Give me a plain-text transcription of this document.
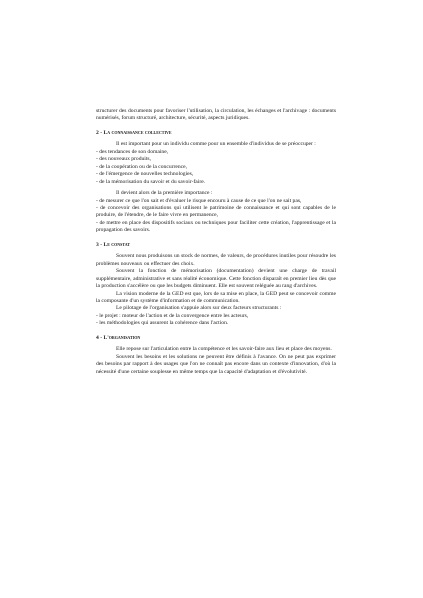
structurer des documents pour favoriser l'utilisation, la circulation, les échanges et l'archivage : documents numérisés, forum structuré, architecture, sécurité, aspects juridiques.

2 - La connaissance collective

Il est important pour un individu comme pour un ensemble d'individus de se préoccuper :

- des tendances de son domaine,
- des nouveaux produits,
- de la coopération ou de la concurrence,
- de l'émergence de nouvelles technologies,
- de la mémorisation du savoir et du savoir-faire.

Il devient alors de la première importance :

- de mesurer ce que l'on sait et d'évaluer le risque encouru à cause de ce que l'on ne sait pas,
- de concevoir des organisations qui utilisent le patrimoine de connaissance et qui sont capables de le produire, de l'étendre, de le faire vivre en permanence,
- de mettre en place des dispositifs sociaux ou techniques pour faciliter cette création, l'apprentissage et la propagation des savoirs.
3 - Le constat

Souvent nous produisons un stock de normes, de valeurs, de procédures inutiles pour résoudre les problèmes nouveaux ou effectuer des choix.

Souvent la fonction de mémorisation (documentation) devient une charge de travail supplémentaire, administrative et sans réalité économique. Cette fonction disparaît en premier lieu dès que la production s'accélère ou que les budgets diminuent. Elle est souvent reléguée au rang d'archives.

La vision moderne de la GED est que, lors de sa mise en place, la GED peut se concevoir comme la composante d'un système d'information et de communication.

Le pilotage de l'organisation s'appuie alors sur deux facteurs structurants :

- le projet : moteur de l'action et de la convergence entre les acteurs,
- les méthodologies qui assurent la cohérence dans l'action.
4 - L'organisation

Elle repose sur l'articulation entre la compétence et les savoir-faire aux lieu et place des moyens.

Souvent les besoins et les solutions ne peuvent être définis à l'avance. On ne peut pas exprimer des besoins par rapport à des usages que l'on ne connaît pas encore dans un contexte d'innovation, d'où la nécessité d'une certaine souplesse en même temps que la capacité d'adaptation et d'évolutivité.
